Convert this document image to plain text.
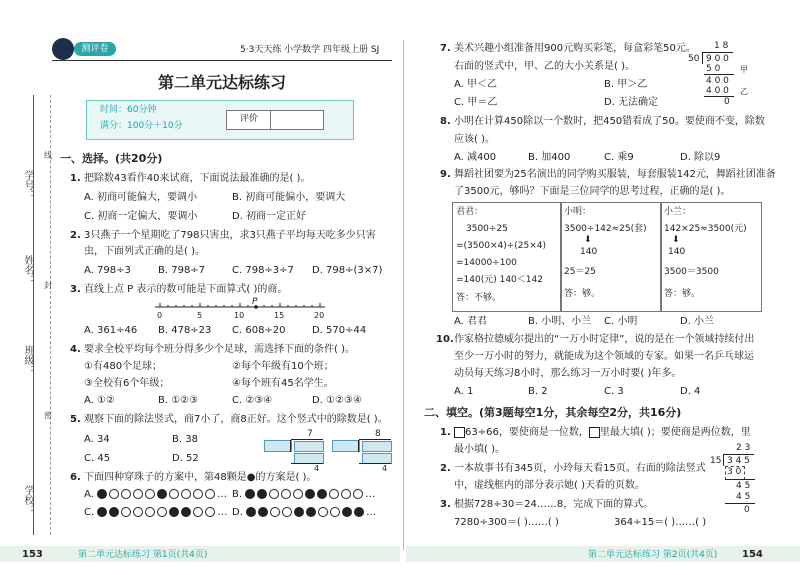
学号：
姓名：
班级：
学校：
线
封
密
测评卷	5·3天天练 小学数学 四年级上册 SJ
第二单元达标练习
时间：60分钟
满分：100分＋10分
评价
一、选择。(共20分)
1. 把除数43看作40来试商，下面说法最准确的是( )。
A. 初商可能偏大，要调小	B. 初商可能偏小，要调大
C. 初商一定偏大，要调小	D. 初商一定正好
2. 3只燕子一个星期吃了798只害虫，求3只燕子平均每天吃多少只害
虫，下面列式正确的是( )。
A. 798÷3	B. 798÷7	C. 798÷3÷7 D. 798÷(3×7)
3. 直线上点 P 表示的数可能是下面算式( )的商。
P
0	5	10	15	20
A. 361÷46 B. 478÷23 C. 608÷20	D. 570÷44
4. 要求全校平均每个班分得多少个足球，需选择下面的条件( )。
①有480个足球；	②每个年级有10个班；
③全校有6个年级；	④每个班有45名学生。
A. ①②	B. ①②③	C. ②③④	D. ①②③④
5. 观察下面的除法竖式，商7小了，商8正好。这个竖式中的除数是( )。
A. 34	B. 38
C. 45	D. 52
7
4
8
4
6. 下面四种穿珠子的方案中，第48颗是●的方案是( )。
A.	… B.	…
C.	… D.	…
7. 美术兴趣小组准备用900元购买彩笔，每盒彩笔50元。
右面的竖式中，甲、乙的大小关系是( )。
A. 甲＜乙	B. 甲＞乙
C. 甲＝乙	D. 无法确定
1 8
50 9 0 0
5 0
4 0 0
4 0 0
0
甲
乙
8. 小明在计算450除以一个数时，把450错看成了50。要使商不变，除数
应该( )。
A. 减400	B. 加400	C. 乘9	D. 除以9
9. 舞蹈社团要为25名演出的同学购买服装，每套服装142元，舞蹈社团准备
了3500元，够吗？下面是三位同学的思考过程，正确的是( )。
君君：
3500÷25
=(3500×4)÷(25×4)
=14000÷100
=140(元) 140＜142
答：不够。
小明：
3500÷142≈25(套)
⬇
140
25＝25
答：够。
小兰：
142×25≈3500(元)
⬇
140
3500＝3500
答：够。
A. 君君	B. 小明、小兰 C. 小明	D. 小兰
10. 作家格拉德威尔提出的“一万小时定律”，说的是在一个领域持续付出
至少一万小时的努力，就能成为这个领域的专家。如果一名乒乓球运
动员每天练习8小时，那么练习一万小时要( )年多。
A. 1	B. 2	C. 3	D. 4
二、填空。(第3题每空1分，其余每空2分，共16分)
1.	63÷66，要使商是一位数， 里最大填( )；要使商是两位数，里
最小填( )。
2. 一本故事书有345页，小玲每天看15页。右面的除法竖式
中，虚线框内的部分表示她( )天看的页数。
2 3
15 3 4 5
3 0
4 5
4 5
0
3. 根据728÷30＝24……8，完成下面的算式。
7280÷300＝( )……( )	364÷15＝( )……( )
153	第二单元达标练习 第1页(共4页)	第二单元达标练习 第2页(共4页) 154
